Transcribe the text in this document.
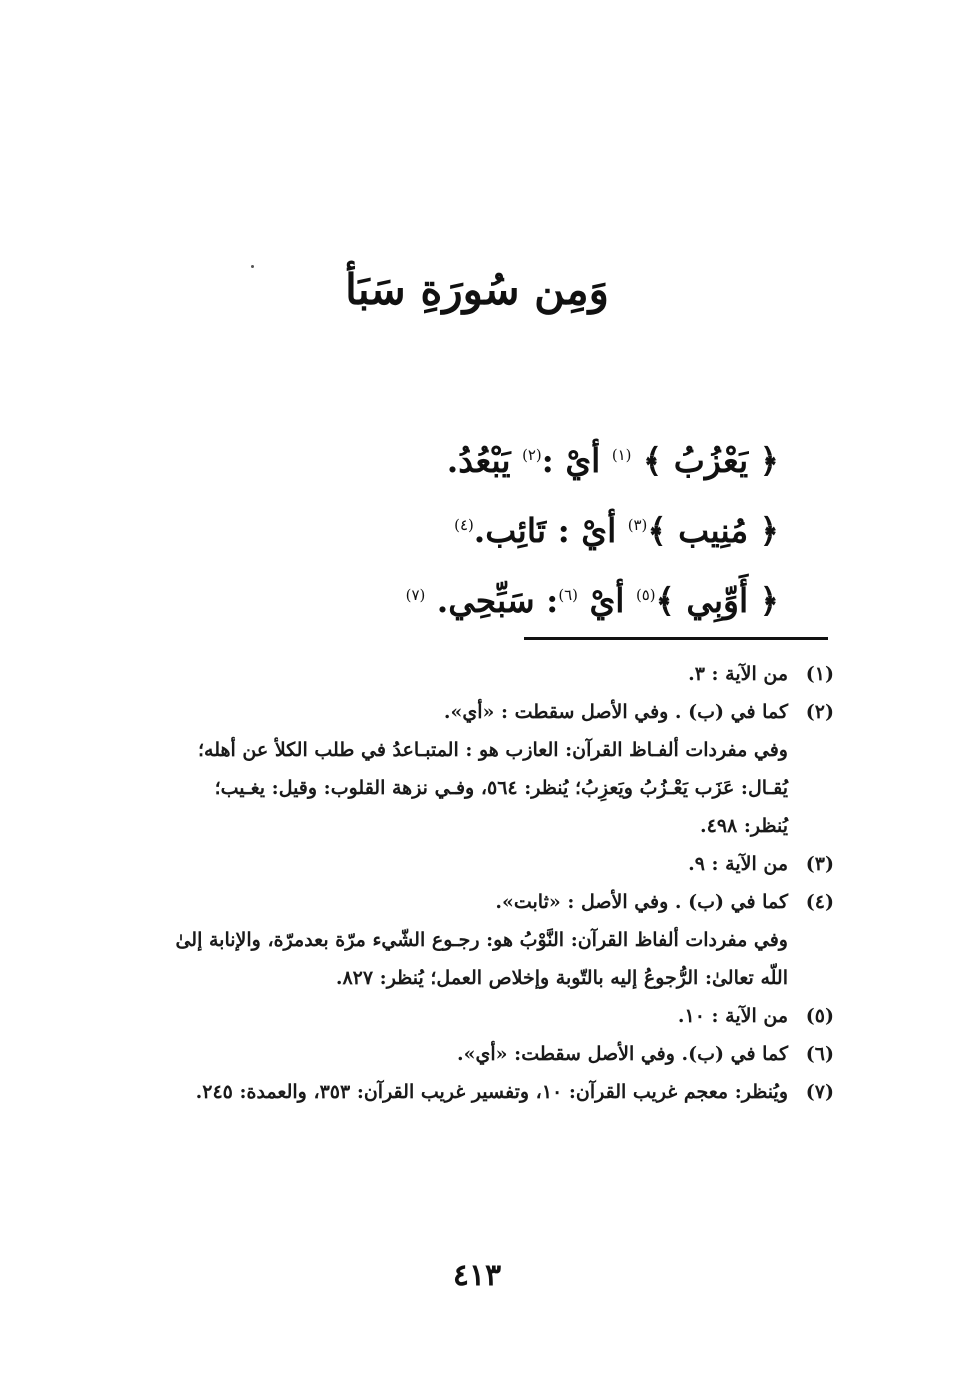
وَمِن سُورَةِ سَبَأ
﴿ يَعْزُبُ ﴾ $^{(١)}$ أيْ :$^{(٢)}$ يَبْعُدُ.
﴿ مُنِيب ﴾$^{(٣)}$ أيْ : تَائِب.$^{(٤)}$
﴿ أَوِّبِي ﴾$^{(٥)}$ أيْ $^{(٦)}$: سَبِّحِي. $^{(٧)}$
(١)من الآية : ٣.
(٢)كما في (ب) . وفي الأصل سقطت : «أي».
وفي مفردات ألفـاظ القرآن: العازب هو : المتبـاعدُ في طلب الكلأ عن أهله؛
يُقـال: عَزَب يَعْـزُبُ ويَعزِبُ؛ يُنظر: ٥٦٤، وفـي نزهة القلوب: وقيل: يغـيب؛
يُنظر: ٤٩٨.
(٣)من الآية : ٩.
(٤)كما في (ب) . وفي الأصل : «ثابت».
وفي مفردات ألفاظ القرآن: النَّوْبُ هو: رجـوع الشّيء مرّة بعدمرّة، والإنابة إلىٰ
اللّه تعالىٰ: الرُّجوعُ إليه بالتّوبة وإخلاص العمل؛ يُنظر: ٨٢٧.
(٥)من الآية : ١٠.
(٦)كما في (ب). وفي الأصل سقطت: «أي».
(٧)ويُنظر: معجم غريب القرآن: ١٠، وتفسير غريب القرآن: ٣٥٣، والعمدة: ٢٤٥.
٤١٣
